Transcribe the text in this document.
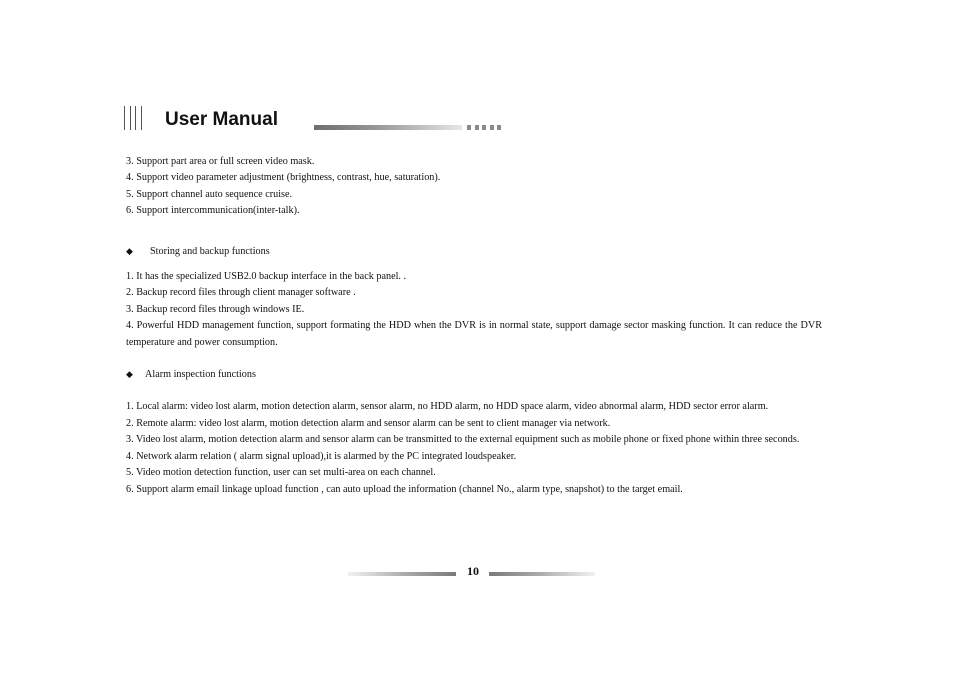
User Manual

3. Support part area or full screen video mask.

4. Support video parameter adjustment (brightness, contrast, hue, saturation).

5. Support channel auto sequence cruise.

6. Support intercommunication(inter-talk).

◆ Storing and backup functions

1. It has the specialized USB2.0 backup interface in the back panel. .

2. Backup record files through client manager software .

3. Backup record files through windows IE.

4. Powerful HDD management function, support formating the HDD when the DVR is in normal state, support damage sector masking function. It can reduce the DVR temperature and power consumption.

◆ Alarm inspection functions

1. Local alarm: video lost alarm, motion detection alarm, sensor alarm, no HDD alarm, no HDD space alarm, video abnormal alarm, HDD sector error alarm.

2. Remote alarm: video lost alarm, motion detection alarm and sensor alarm can be sent to client manager via network.

3. Video lost alarm, motion detection alarm and sensor alarm can be transmitted to the external equipment such as mobile phone or fixed phone within three seconds.

4. Network alarm relation ( alarm signal upload),it is alarmed by the PC integrated loudspeaker.

5. Video motion detection function, user can set multi-area on each channel.

6. Support alarm email linkage upload function , can auto upload the information (channel No., alarm type, snapshot) to the target email.

10
